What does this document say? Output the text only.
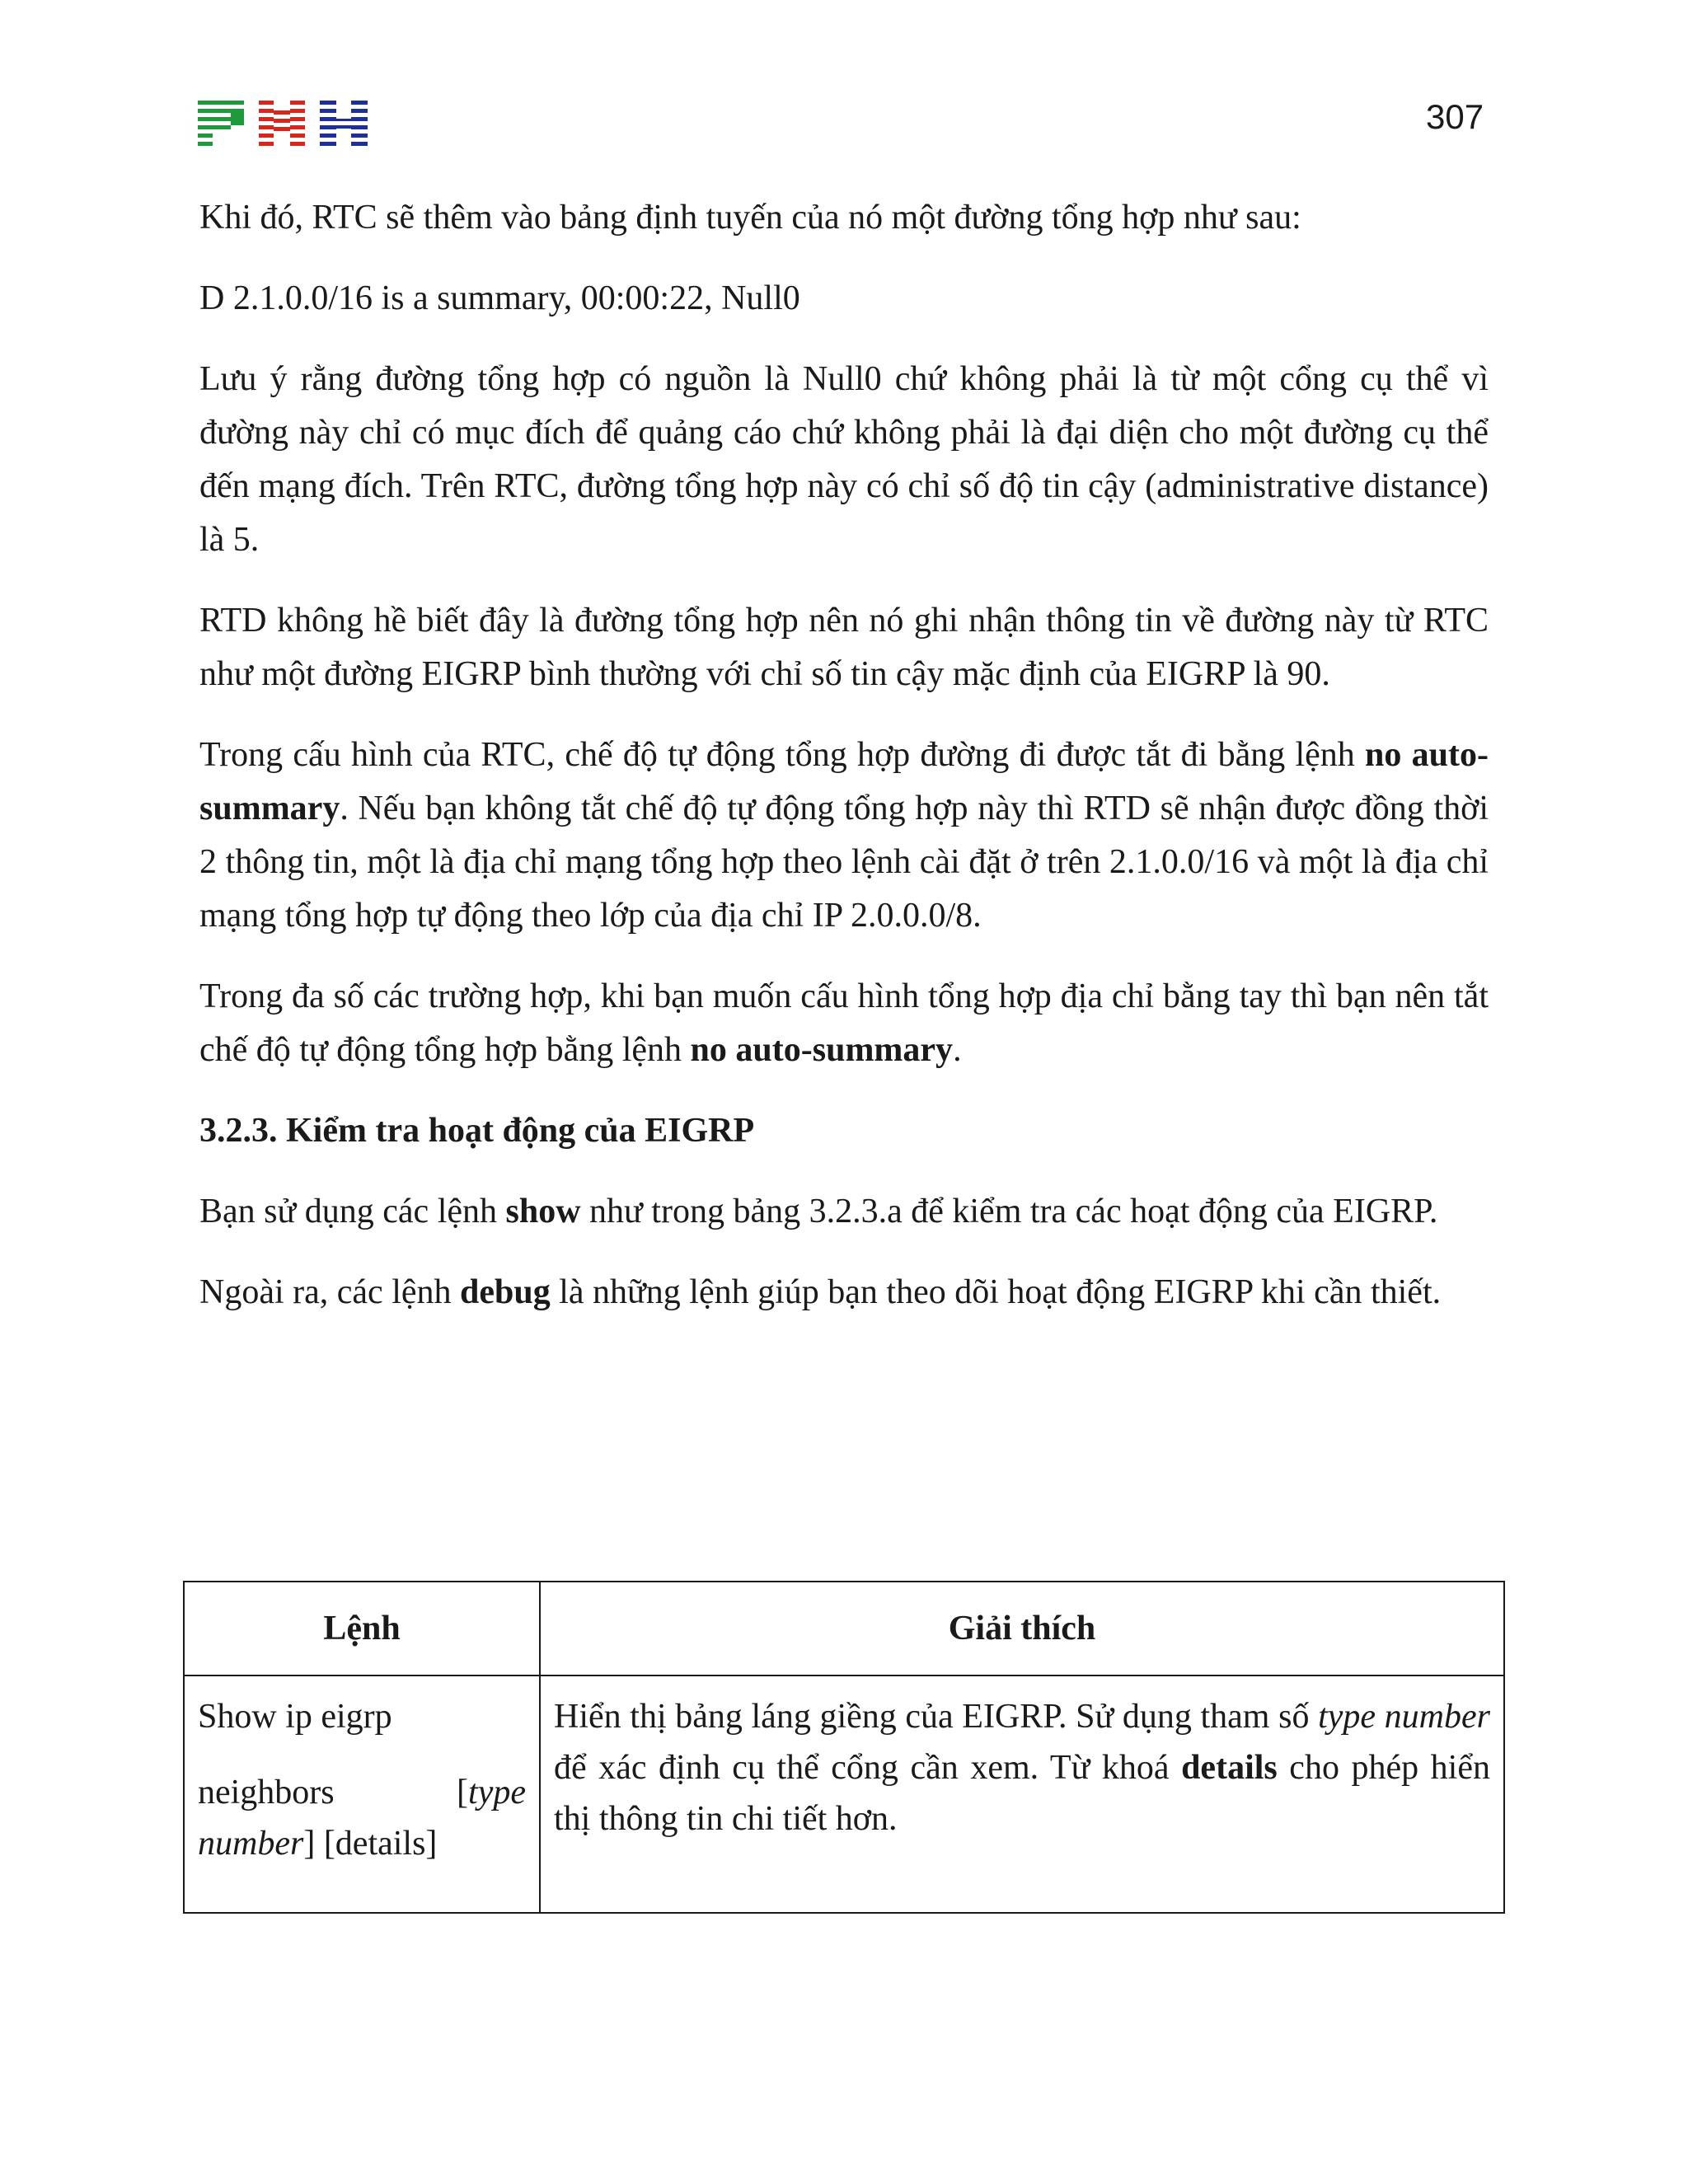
307

Khi đó, RTC sẽ thêm vào bảng định tuyến của nó một đường tổng hợp như sau:

D 2.1.0.0/16 is a summary, 00:00:22, Null0

Lưu ý rằng đường tổng hợp có nguồn là Null0 chứ không phải là từ một cổng cụ thể vì đường này chỉ có mục đích để quảng cáo chứ không phải là đại diện cho một đường cụ thể đến mạng đích. Trên RTC, đường tổng hợp này có chỉ số độ tin cậy (administrative distance) là 5.

RTD không hề biết đây là đường tổng hợp nên nó ghi nhận thông tin về đường này từ RTC như một đường EIGRP bình thường với chỉ số tin cậy mặc định của EIGRP là 90.

Trong cấu hình của RTC, chế độ tự động tổng hợp đường đi được tắt đi bằng lệnh no auto-summary. Nếu bạn không tắt chế độ tự động tổng hợp này thì RTD sẽ nhận được đồng thời 2 thông tin, một là địa chỉ mạng tổng hợp theo lệnh cài đặt ở trên 2.1.0.0/16 và một là địa chỉ mạng tổng hợp tự động theo lớp của địa chỉ IP 2.0.0.0/8.

Trong đa số các trường hợp, khi bạn muốn cấu hình tổng hợp địa chỉ bằng tay thì bạn nên tắt chế độ tự động tổng hợp bằng lệnh no auto-summary.

3.2.3. Kiểm tra hoạt động của EIGRP

Bạn sử dụng các lệnh show như trong bảng 3.2.3.a để kiểm tra các hoạt động của EIGRP.

Ngoài ra, các lệnh debug là những lệnh giúp bạn theo dõi hoạt động EIGRP khi cần thiết.

Lệnh	Giải thích

Show ip eigrp
neighbors [type
number] [details]	Hiển thị bảng láng giềng của EIGRP. Sử dụng tham số type number để xác định cụ thể cổng cần xem. Từ khoá details cho phép hiển thị thông tin chi tiết hơn.
